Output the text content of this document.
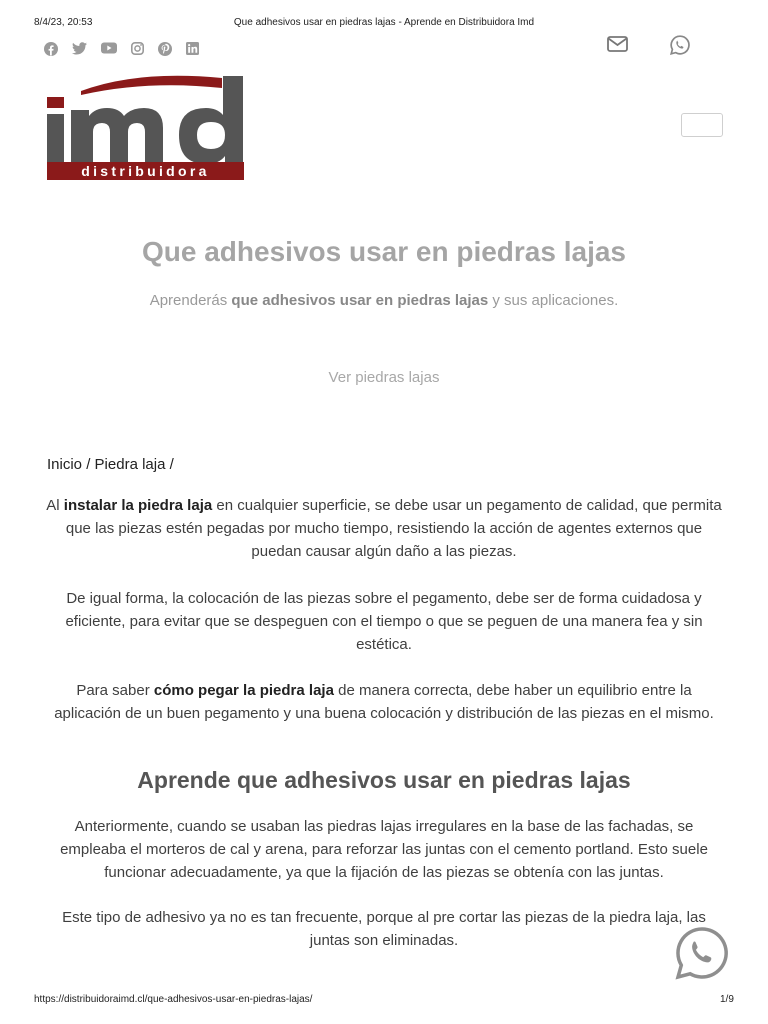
8/4/23, 20:53	Que adhesivos usar en piedras lajas - Aprende en Distribuidora Imd
distribuidora
Que adhesivos usar en piedras lajas
Aprenderás que adhesivos usar en piedras lajas y sus aplicaciones.
Ver piedras lajas
Inicio / Piedra laja /

Al instalar la piedra laja en cualquier superficie, se debe usar un pegamento de calidad, que permita que las piezas estén pegadas por mucho tiempo, resistiendo la acción de agentes externos que puedan causar algún daño a las piezas.

De igual forma, la colocación de las piezas sobre el pegamento, debe ser de forma cuidadosa y eficiente, para evitar que se despeguen con el tiempo o que se peguen de una manera fea y sin estética.

Para saber cómo pegar la piedra laja de manera correcta, debe haber un equilibrio entre la aplicación de un buen pegamento y una buena colocación y distribución de las piezas en el mismo.

Aprende que adhesivos usar en piedras lajas

Anteriormente, cuando se usaban las piedras lajas irregulares en la base de las fachadas, se empleaba el morteros de cal y arena, para reforzar las juntas con el cemento portland. Esto suele funcionar adecuadamente, ya que la fijación de las piezas se obtenía con las juntas.

Este tipo de adhesivo ya no es tan frecuente, porque al pre cortar las piezas de la piedra laja, las juntas son eliminadas.

https://distribuidoraimd.cl/que-adhesivos-usar-en-piedras-lajas/	1/9
